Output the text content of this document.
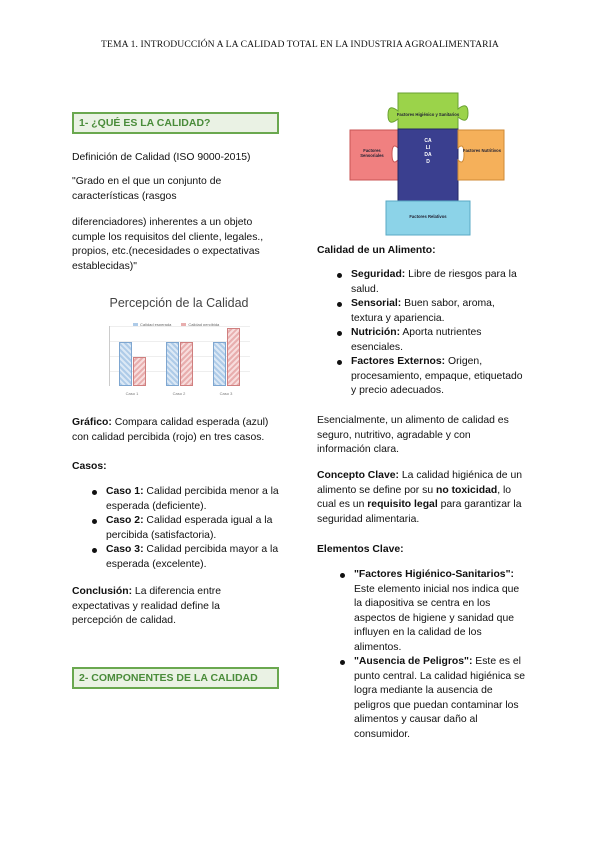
TEMA 1. INTRODUCCIÓN A LA CALIDAD TOTAL EN LA INDUSTRIA AGROALIMENTARIA
1- ¿QUÉ ES LA CALIDAD?

Definición de Calidad (ISO 9000-2015)

"Grado en el que un conjunto de características (rasgos

diferenciadores) inherentes a un objeto cumple los requisitos del cliente, legales., propios, etc.(necesidades o expectativas establecidas)"

Percepción de la Calidad
Calidad esperada	Calidad percibida
Caso 1	Caso 2	Caso 3

Gráfico: Compara calidad esperada (azul) con calidad percibida (rojo) en tres casos.

Casos:

Caso 1: Calidad percibida menor a la esperada (deficiente).
Caso 2: Calidad esperada igual a la percibida (satisfactoria).
Caso 3: Calidad percibida mayor a la esperada (excelente).

Conclusión: La diferencia entre expectativas y realidad define la percepción de calidad.

2- COMPONENTES DE LA CALIDAD
Factores Higiénico y Sanitarios
Factores Sensoriales
Factores Nutritivos
Factores Relativos
CALIDAD

Calidad de un Alimento:

Seguridad: Libre de riesgos para la salud.
Sensorial: Buen sabor, aroma, textura y apariencia.
Nutrición: Aporta nutrientes esenciales.
Factores Externos: Origen, procesamiento, empaque, etiquetado y precio adecuados.

Esencialmente, un alimento de calidad es seguro, nutritivo, agradable y con información clara.

Concepto Clave: La calidad higiénica de un alimento se define por su no toxicidad, lo cual es un requisito legal para garantizar la seguridad alimentaria.

Elementos Clave:

"Factores Higiénico-Sanitarios": Este elemento inicial nos indica que la diapositiva se centra en los aspectos de higiene y sanidad que influyen en la calidad de los alimentos.
"Ausencia de Peligros": Este es el punto central. La calidad higiénica se logra mediante la ausencia de peligros que puedan contaminar los alimentos y causar daño al consumidor.
